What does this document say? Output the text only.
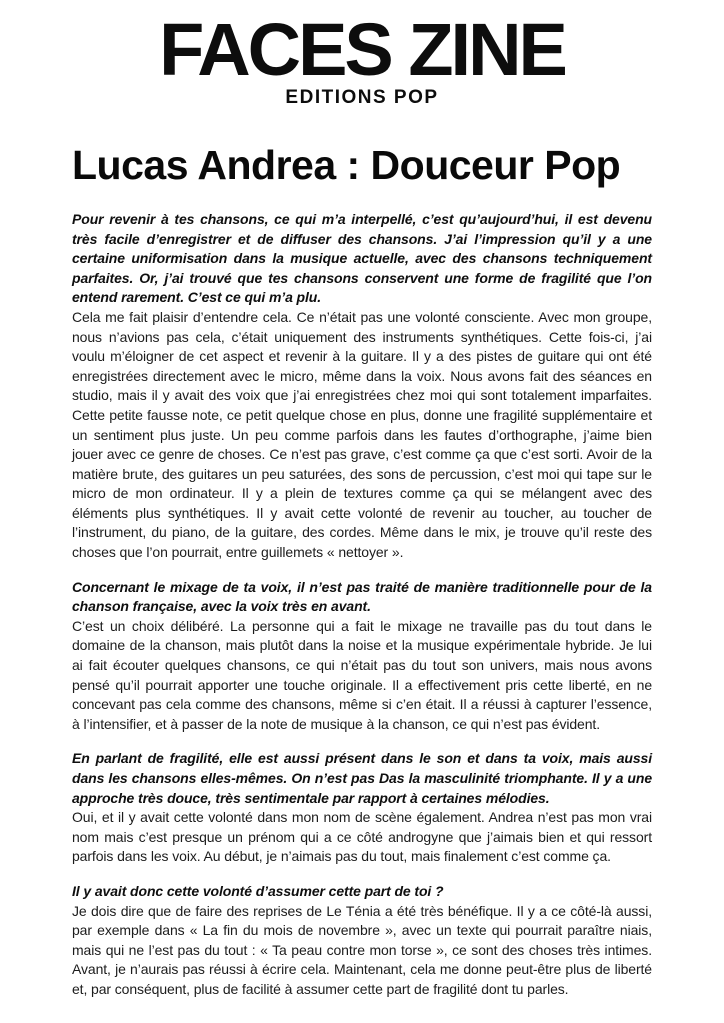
FACES ZINE
EDITIONS POP
Lucas Andrea : Douceur Pop

Pour revenir à tes chansons, ce qui m’a interpellé, c’est qu’aujourd’hui, il est devenu très facile d’enregistrer et de diffuser des chansons. J’ai l’impression qu’il y a une certaine uniformisation dans la musique actuelle, avec des chansons techniquement parfaites. Or, j’ai trouvé que tes chansons conservent une forme de fragilité que l’on entend rarement. C’est ce qui m’a plu.

Cela me fait plaisir d’entendre cela. Ce n’était pas une volonté consciente. Avec mon groupe, nous n’avions pas cela, c’était uniquement des instruments synthétiques. Cette fois-ci, j’ai voulu m’éloigner de cet aspect et revenir à la guitare. Il y a des pistes de guitare qui ont été enregistrées directement avec le micro, même dans la voix. Nous avons fait des séances en studio, mais il y avait des voix que j’ai enregistrées chez moi qui sont totalement imparfaites. Cette petite fausse note, ce petit quelque chose en plus, donne une fragilité supplémentaire et un sentiment plus juste. Un peu comme parfois dans les fautes d’orthographe, j’aime bien jouer avec ce genre de choses. Ce n’est pas grave, c’est comme ça que c’est sorti. Avoir de la matière brute, des guitares un peu saturées, des sons de percussion, c’est moi qui tape sur le micro de mon ordinateur. Il y a plein de textures comme ça qui se mélangent avec des éléments plus synthétiques. Il y avait cette volonté de revenir au toucher, au toucher de l’instrument, du piano, de la guitare, des cordes. Même dans le mix, je trouve qu’il reste des choses que l’on pourrait, entre guillemets « nettoyer ».

Concernant le mixage de ta voix, il n’est pas traité de manière traditionnelle pour de la chanson française, avec la voix très en avant.

C’est un choix délibéré. La personne qui a fait le mixage ne travaille pas du tout dans le domaine de la chanson, mais plutôt dans la noise et la musique expérimentale hybride. Je lui ai fait écouter quelques chansons, ce qui n’était pas du tout son univers, mais nous avons pensé qu’il pourrait apporter une touche originale. Il a effectivement pris cette liberté, en ne concevant pas cela comme des chansons, même si c’en était. Il a réussi à capturer l’essence, à l’intensifier, et à passer de la note de musique à la chanson, ce qui n’est pas évident.

En parlant de fragilité, elle est aussi présent dans le son et dans ta voix, mais aussi dans les chansons elles-mêmes. On n’est pas Das la masculinité triomphante. Il y a une approche très douce, très sentimentale par rapport à certaines mélodies.

Oui, et il y avait cette volonté dans mon nom de scène également. Andrea n’est pas mon vrai nom mais c’est presque un prénom qui a ce côté androgyne que j’aimais bien et qui ressort parfois dans les voix. Au début, je n’aimais pas du tout, mais finalement c’est comme ça.

Il y avait donc cette volonté d’assumer cette part de toi ?

Je dois dire que de faire des reprises de Le Ténia a été très bénéfique. Il y a ce côté-là aussi, par exemple dans « La fin du mois de novembre », avec un texte qui pourrait paraître niais, mais qui ne l’est pas du tout : « Ta peau contre mon torse », ce sont des choses très intimes. Avant, je n’aurais pas réussi à écrire cela. Maintenant, cela me donne peut-être plus de liberté et, par conséquent, plus de facilité à assumer cette part de fragilité dont tu parles.
